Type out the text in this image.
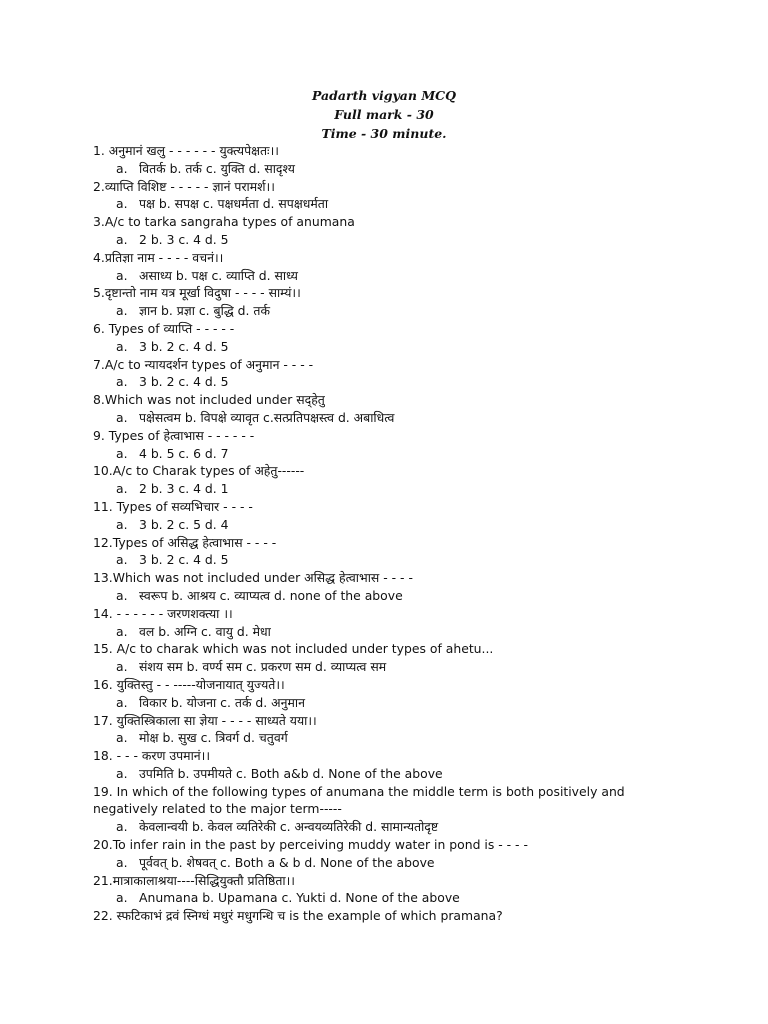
Padarth vigyan MCQ
Full mark - 30
Time - 30 minute.
1. अनुमानं खलु - - - - - - युक्त्यपेक्षतः।।
a. वितर्क b. तर्क c. युक्ति d. सादृश्य
2.व्याप्ति विशिष्ट - - - - - ज्ञानं परामर्श।।
a. पक्ष b. सपक्ष c. पक्षधर्मता d. सपक्षधर्मता
3.A/c to tarka sangraha types of anumana
a. 2 b. 3 c. 4 d. 5
4.प्रतिज्ञा नाम - - - - वचनं।।
a. असाध्य b. पक्ष c. व्याप्ति d. साध्य
5.दृष्टान्तो नाम यत्र मूर्खा विदुषा - - - - साम्यं।।
a. ज्ञान b. प्रज्ञा c. बुद्धि d. तर्क
6. Types of व्याप्ति - - - - -
a. 3 b. 2 c. 4 d. 5
7.A/c to न्यायदर्शन types of अनुमान - - - -
a. 3 b. 2 c. 4 d. 5
8.Which was not included under सद्हेतु
a. पक्षेसत्वम b. विपक्षे व्यावृत c.सत्प्रतिपक्षस्त्व d. अबाधित्व
9. Types of हेत्वाभास - - - - - -
a. 4 b. 5 c. 6 d. 7
10.A/c to Charak types of अहेतु------
a. 2 b. 3 c. 4 d. 1
11. Types of सव्यभिचार - - - -
a. 3 b. 2 c. 5 d. 4
12.Types of असिद्ध हेत्वाभास - - - -
a. 3 b. 2 c. 4 d. 5
13.Which was not included under असिद्ध हेत्वाभास - - - -
a. स्वरूप b. आश्रय c. व्याप्यत्व d. none of the above
14. - - - - - - जरणशक्त्या ।।
a. वल b. अग्नि c. वायु d. मेधा
15. A/c to charak which was not included under types of ahetu...
a. संशय सम b. वर्ण्य सम c. प्रकरण सम d. व्याप्यत्व सम
16. युक्तिस्तु - - -----योजनायात् युज्यते।।
a. विकार b. योजना c. तर्क d. अनुमान
17. युक्तिस्त्रिकाला सा ज्ञेया - - - - साध्यते यया।।
a. मोक्ष b. सुख c. त्रिवर्ग d. चतुवर्ग
18. - - - करण उपमानं।।
a. उपमिति b. उपमीयते c. Both a&b d. None of the above
19. In which of the following types of anumana the middle term is both positively and
negatively related to the major term-----
a. केवलान्वयी b. केवल व्यतिरेकी c. अन्वयव्यतिरेकी d. सामान्यतोदृष्ट
20.To infer rain in the past by perceiving muddy water in pond is - - - -
a. पूर्ववत् b. शेषवत् c. Both a & b d. None of the above
21.मात्राकालाश्रया----सिद्धियुक्तौ प्रतिष्ठिता।।
a. Anumana b. Upamana c. Yukti d. None of the above
22. स्फटिकाभं द्रवं स्निग्धं मधुरं मधुगन्धि च is the example of which pramana?
